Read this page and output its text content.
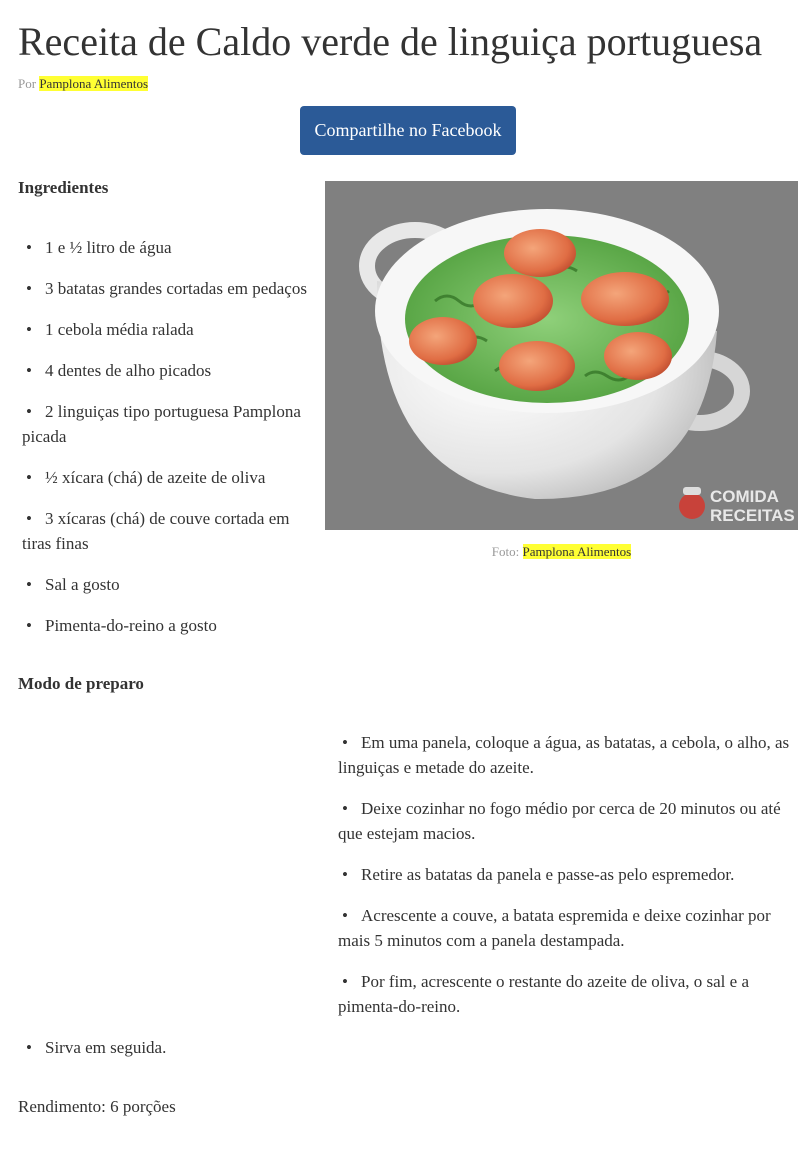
Receita de Caldo verde de linguiça portuguesa
Por Pamplona Alimentos
Compartilhe no Facebook
Ingredientes
• 1 e ½ litro de água
• 3 batatas grandes cortadas em pedaços
• 1 cebola média ralada
• 4 dentes de alho picados
• 2 linguiças tipo portuguesa Pamplona picada
• ½ xícara (chá) de azeite de oliva
• 3 xícaras (chá) de couve cortada em tiras finas
• Sal a gosto
• Pimenta-do-reino a gosto
COMIDA
RECEITAS
Foto: Pamplona Alimentos
Modo de preparo
• Em uma panela, coloque a água, as batatas, a cebola, o alho, as linguiças e metade do azeite.
• Deixe cozinhar no fogo médio por cerca de 20 minutos ou até que estejam macios.
• Retire as batatas da panela e passe-as pelo espremedor.
• Acrescente a couve, a batata espremida e deixe cozinhar por mais 5 minutos com a panela destampada.
• Por fim, acrescente o restante do azeite de oliva, o sal e a pimenta-do-reino.
• Sirva em seguida.
Rendimento: 6 porções
